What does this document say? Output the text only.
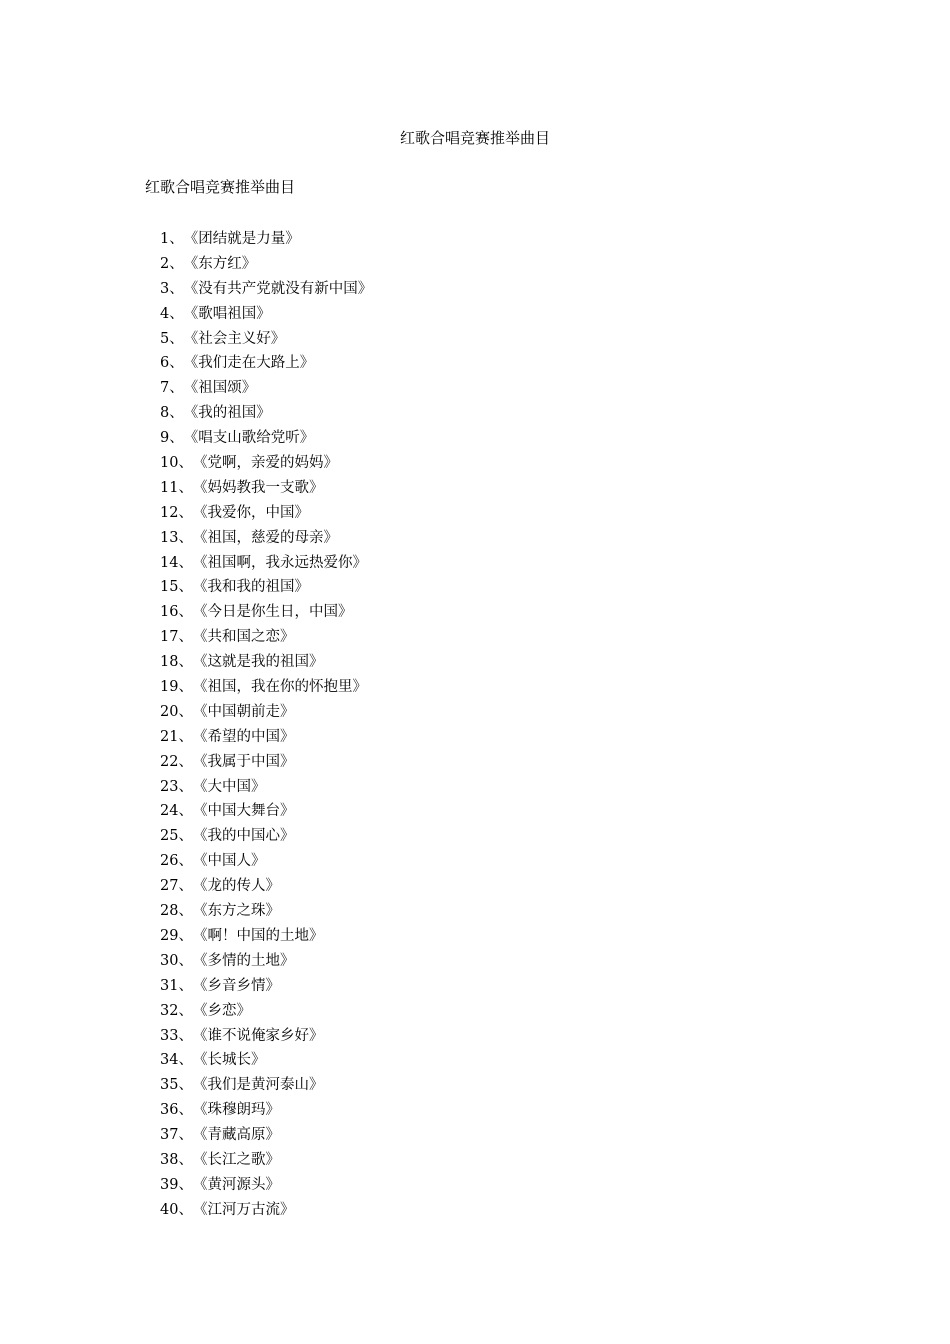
红歌合唱竞赛推举曲目
红歌合唱竞赛推举曲目
1、《团结就是力量》
2、《东方红》
3、《没有共产党就没有新中国》
4、《歌唱祖国》
5、《社会主义好》
6、《我们走在大路上》
7、《祖国颂》
8、《我的祖国》
9、《唱支山歌给党听》
10、《党啊，亲爱的妈妈》
11、《妈妈教我一支歌》
12、《我爱你，中国》
13、《祖国，慈爱的母亲》
14、《祖国啊，我永远热爱你》
15、《我和我的祖国》
16、《今日是你生日，中国》
17、《共和国之恋》
18、《这就是我的祖国》
19、《祖国，我在你的怀抱里》
20、《中国朝前走》
21、《希望的中国》
22、《我属于中国》
23、《大中国》
24、《中国大舞台》
25、《我的中国心》
26、《中国人》
27、《龙的传人》
28、《东方之珠》
29、《啊！中国的土地》
30、《多情的土地》
31、《乡音乡情》
32、《乡恋》
33、《谁不说俺家乡好》
34、《长城长》
35、《我们是黄河泰山》
36、《珠穆朗玛》
37、《青藏高原》
38、《长江之歌》
39、《黄河源头》
40、《江河万古流》
